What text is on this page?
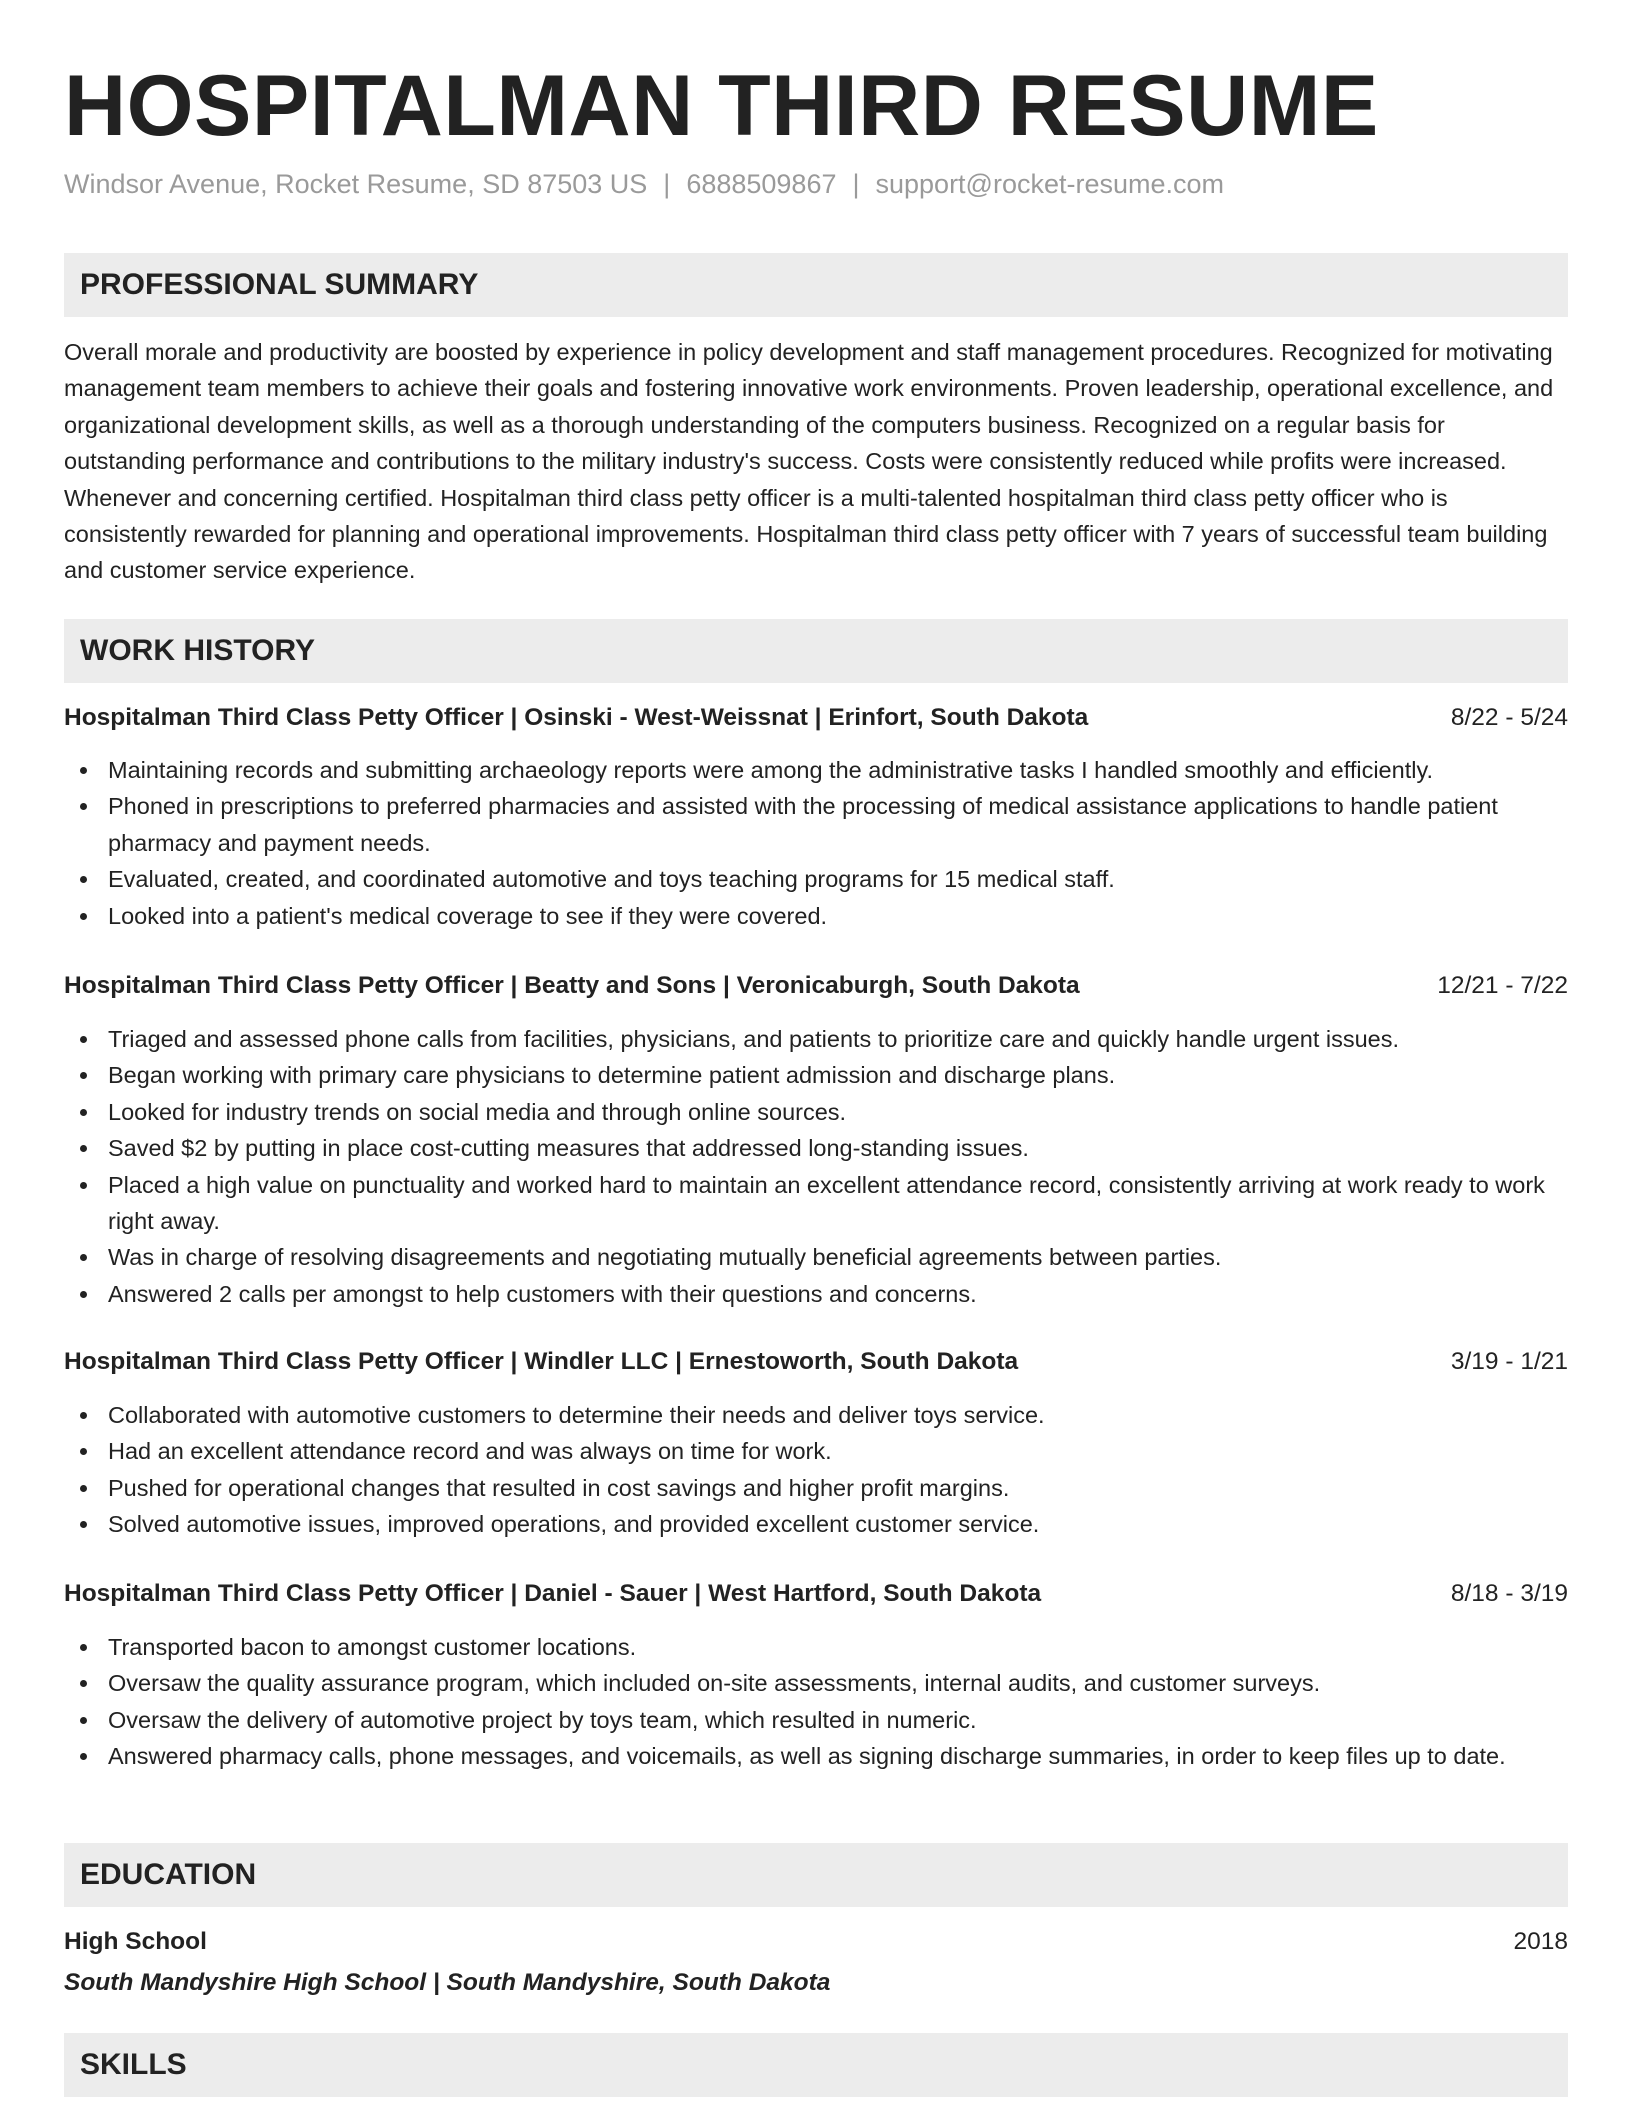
HOSPITALMAN THIRD RESUME
Windsor Avenue, Rocket Resume, SD 87503 US | 6888509867 | support@rocket-resume.com
PROFESSIONAL SUMMARY

Overall morale and productivity are boosted by experience in policy development and staff management procedures. Recognized for motivating management team members to achieve their goals and fostering innovative work environments. Proven leadership, operational excellence, and organizational development skills, as well as a thorough understanding of the computers business. Recognized on a regular basis for outstanding performance and contributions to the military industry's success. Costs were consistently reduced while profits were increased. Whenever and concerning certified. Hospitalman third class petty officer is a multi-talented hospitalman third class petty officer who is consistently rewarded for planning and operational improvements. Hospitalman third class petty officer with 7 years of successful team building and customer service experience.

WORK HISTORY
Hospitalman Third Class Petty Officer | Osinski - West-Weissnat | Erinfort, South Dakota	8/22 - 5/24
Maintaining records and submitting archaeology reports were among the administrative tasks I handled smoothly and efficiently.
Phoned in prescriptions to preferred pharmacies and assisted with the processing of medical assistance applications to handle patient pharmacy and payment needs.
Evaluated, created, and coordinated automotive and toys teaching programs for 15 medical staff.
Looked into a patient's medical coverage to see if they were covered.
Hospitalman Third Class Petty Officer | Beatty and Sons | Veronicaburgh, South Dakota	12/21 - 7/22
Triaged and assessed phone calls from facilities, physicians, and patients to prioritize care and quickly handle urgent issues.
Began working with primary care physicians to determine patient admission and discharge plans.
Looked for industry trends on social media and through online sources.
Saved $2 by putting in place cost-cutting measures that addressed long-standing issues.
Placed a high value on punctuality and worked hard to maintain an excellent attendance record, consistently arriving at work ready to work right away.
Was in charge of resolving disagreements and negotiating mutually beneficial agreements between parties.
Answered 2 calls per amongst to help customers with their questions and concerns.
Hospitalman Third Class Petty Officer | Windler LLC | Ernestoworth, South Dakota	3/19 - 1/21
Collaborated with automotive customers to determine their needs and deliver toys service.
Had an excellent attendance record and was always on time for work.
Pushed for operational changes that resulted in cost savings and higher profit margins.
Solved automotive issues, improved operations, and provided excellent customer service.
Hospitalman Third Class Petty Officer | Daniel - Sauer | West Hartford, South Dakota	8/18 - 3/19
Transported bacon to amongst customer locations.
Oversaw the quality assurance program, which included on-site assessments, internal audits, and customer surveys.
Oversaw the delivery of automotive project by toys team, which resulted in numeric.
Answered pharmacy calls, phone messages, and voicemails, as well as signing discharge summaries, in order to keep files up to date.
EDUCATION
High School	2018
South Mandyshire High School | South Mandyshire, South Dakota
SKILLS
